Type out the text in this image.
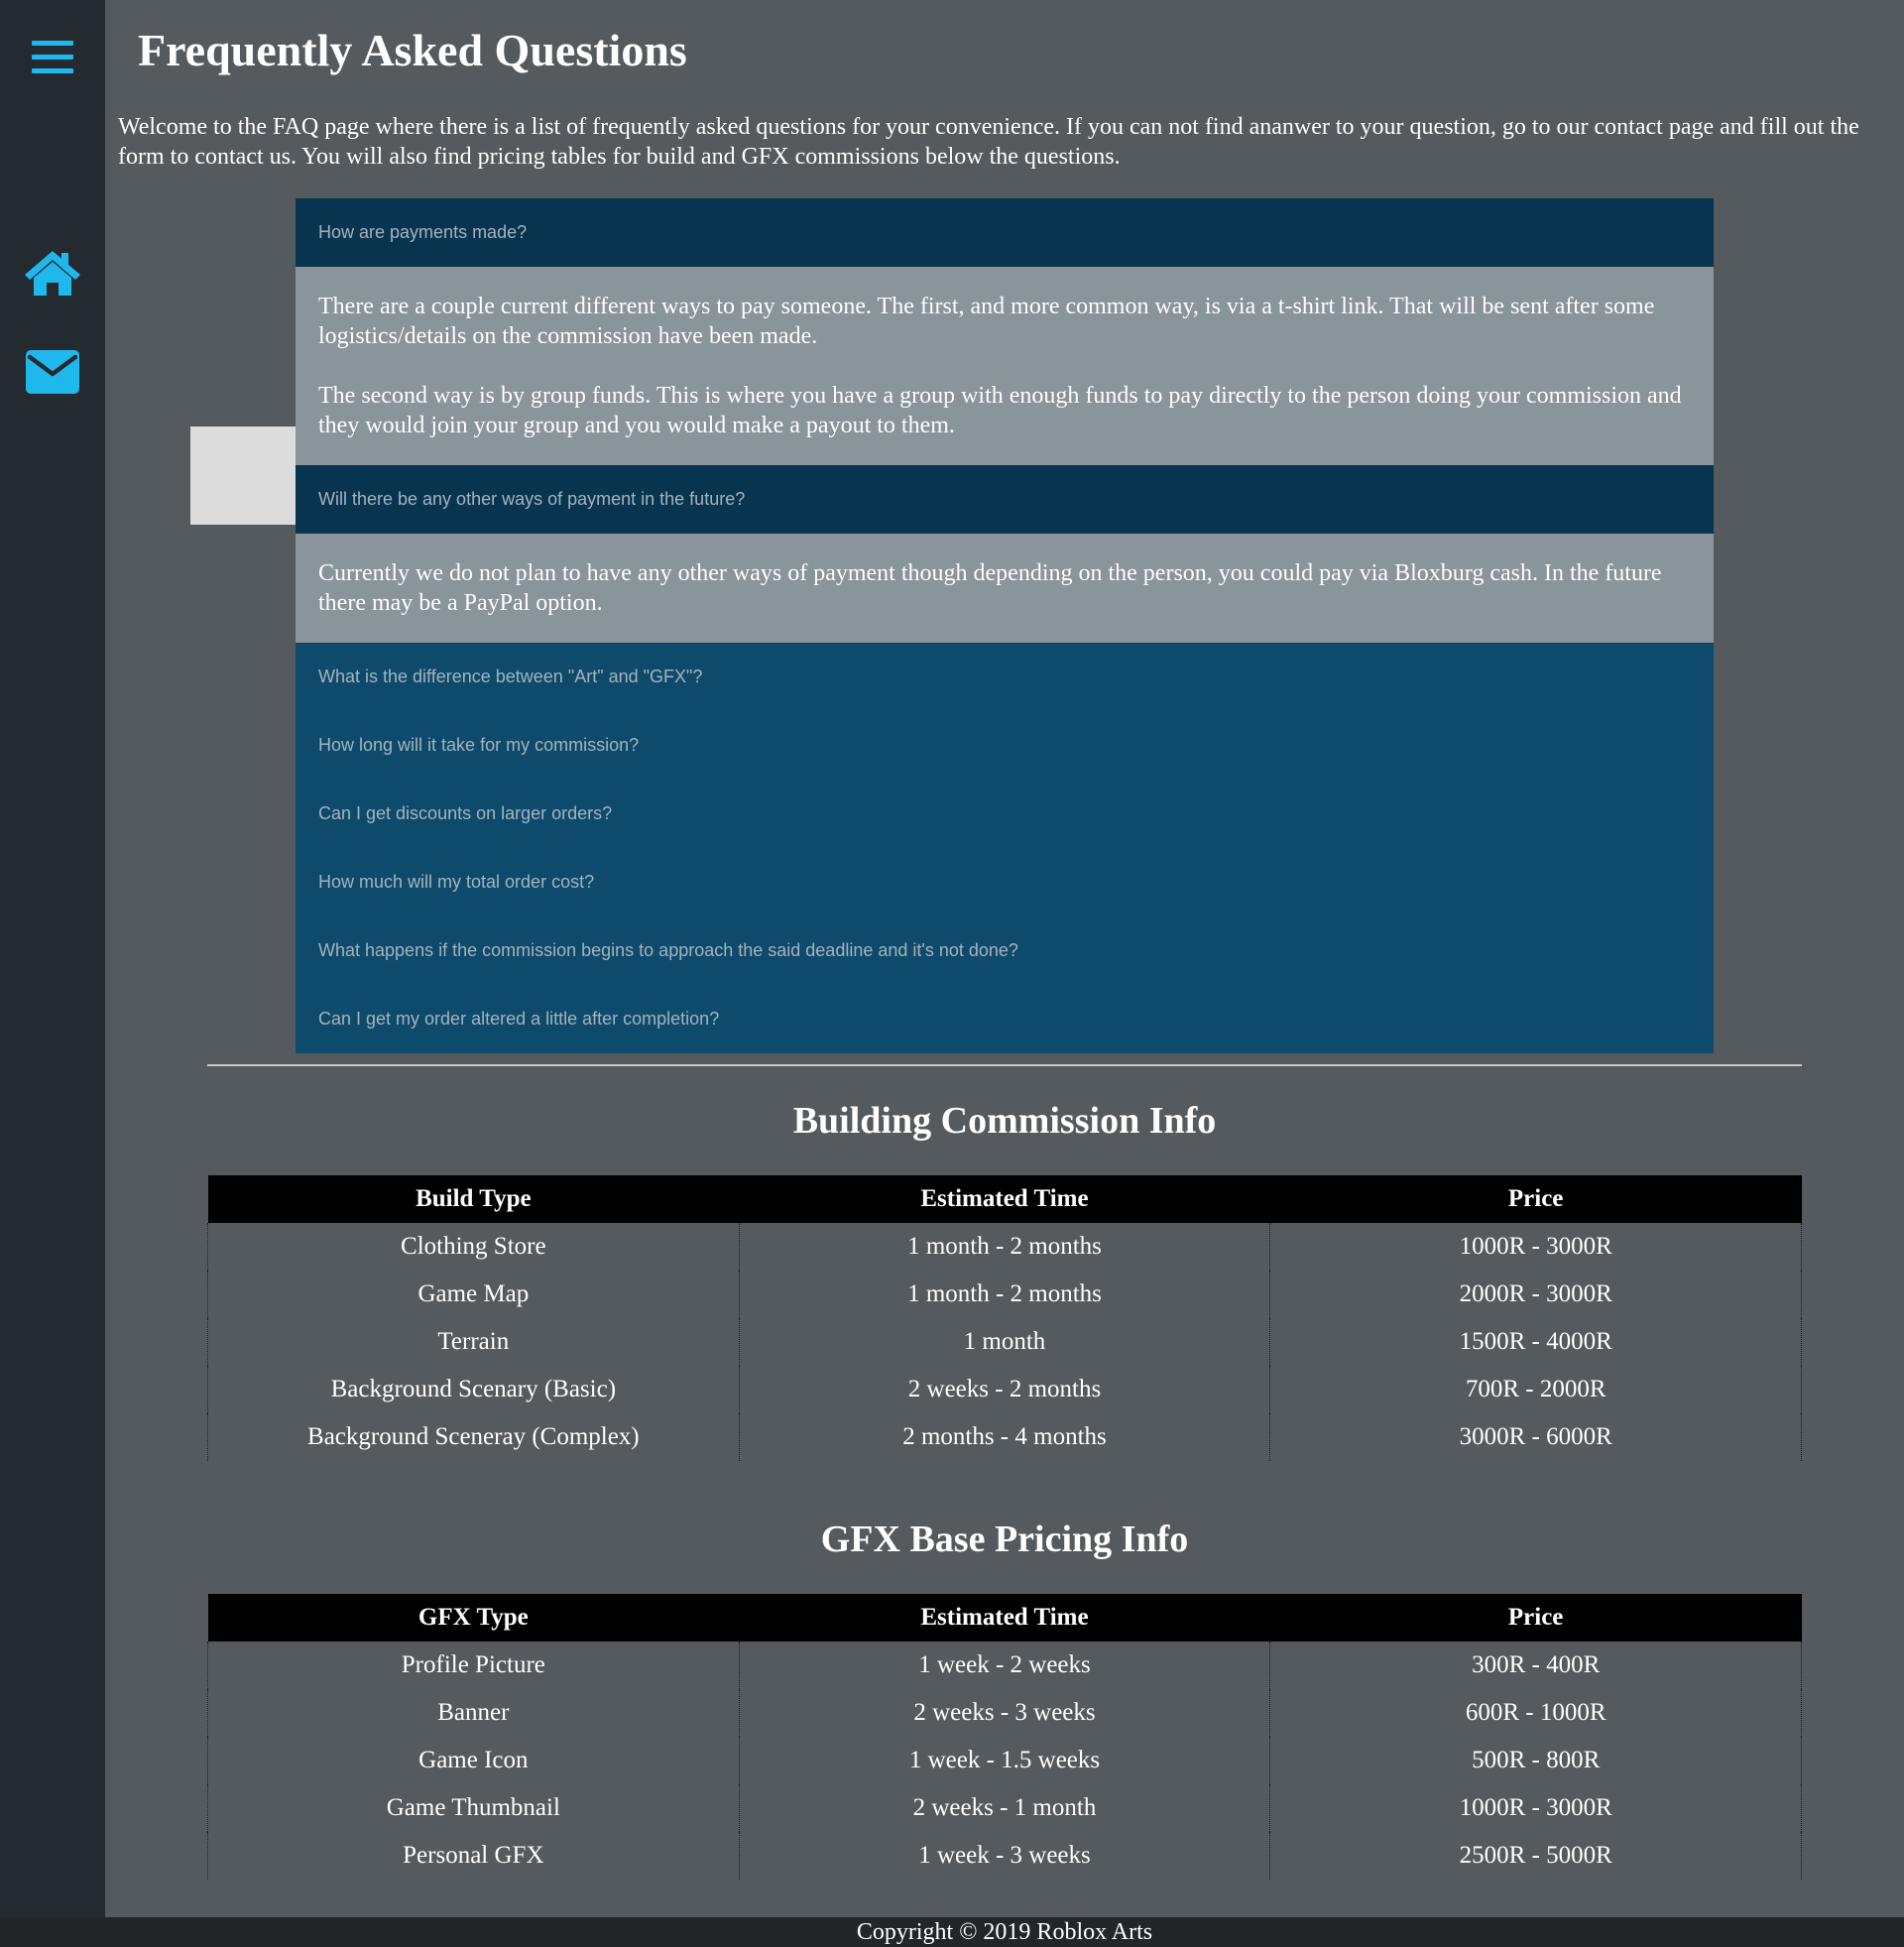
Frequently Asked Questions

Welcome to the FAQ page where there is a list of frequently asked questions for your convenience. If you can not find ananwer to your question, go to our contact page and fill out the form to contact us. You will also find pricing tables for build and GFX commissions below the questions.

How are payments made?

There are a couple current different ways to pay someone. The first, and more common way, is via a t-shirt link. That will be sent after some logistics/details on the commission have been made.

The second way is by group funds. This is where you have a group with enough funds to pay directly to the person doing your commission and they would join your group and you would make a payout to them.

Will there be any other ways of payment in the future?

Currently we do not plan to have any other ways of payment though depending on the person, you could pay via Bloxburg cash. In the future there may be a PayPal option.

What is the difference between "Art" and "GFX"?
How long will it take for my commission?
Can I get discounts on larger orders?
How much will my total order cost?
What happens if the commission begins to approach the said deadline and it's not done?
Can I get my order altered a little after completion?
Building Commission Info
Build Type	Estimated Time	Price
Clothing Store	1 month - 2 months	1000R - 3000R
Game Map	1 month - 2 months	2000R - 3000R
Terrain	1 month	1500R - 4000R
Background Scenary (Basic)	2 weeks - 2 months	700R - 2000R
Background Sceneray (Complex)	2 months - 4 months	3000R - 6000R
GFX Base Pricing Info
GFX Type	Estimated Time	Price
Profile Picture	1 week - 2 weeks	300R - 400R
Banner	2 weeks - 3 weeks	600R - 1000R
Game Icon	1 week - 1.5 weeks	500R - 800R
Game Thumbnail	2 weeks - 1 month	1000R - 3000R
Personal GFX	1 week - 3 weeks	2500R - 5000R
Copyright © 2019 Roblox Arts
